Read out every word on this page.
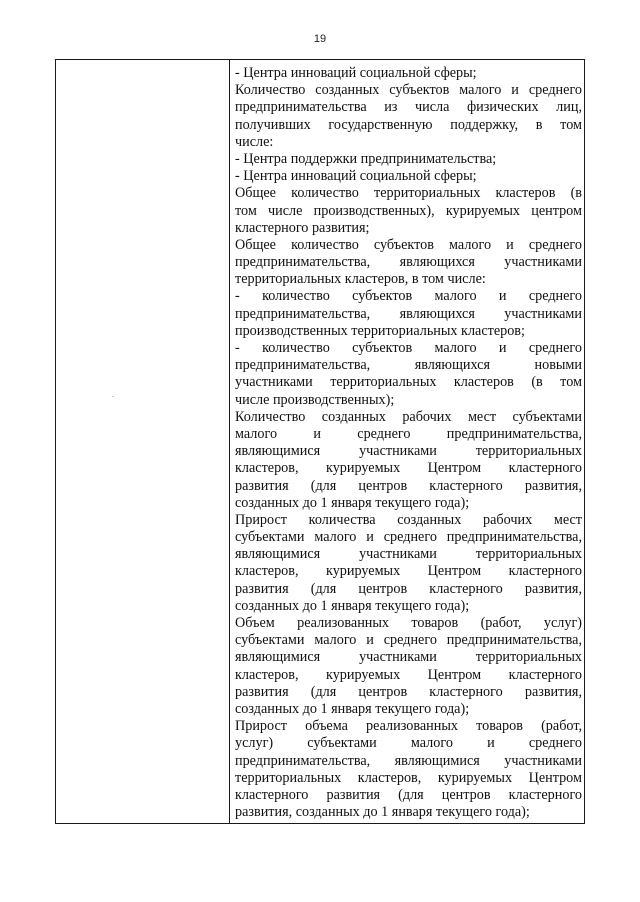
19
- Центра инноваций социальной сферы;
Количество созданных субъектов малого и среднего
предпринимательства из числа физических лиц,
получивших государственную поддержку, в том
числе:
- Центра поддержки предпринимательства;
- Центра инноваций социальной сферы;
Общее количество территориальных кластеров (в
том числе производственных), курируемых центром
кластерного развития;
Общее количество субъектов малого и среднего
предпринимательства, являющихся участниками
территориальных кластеров, в том числе:
- количество субъектов малого и среднего
предпринимательства, являющихся участниками
производственных территориальных кластеров;
- количество субъектов малого и среднего
предпринимательства, являющихся новыми
участниками территориальных кластеров (в том
числе производственных);
Количество созданных рабочих мест субъектами
малого и среднего предпринимательства,
являющимися участниками территориальных
кластеров, курируемых Центром кластерного
развития (для центров кластерного развития,
созданных до 1 января текущего года);
Прирост количества созданных рабочих мест
субъектами малого и среднего предпринимательства,
являющимися участниками территориальных
кластеров, курируемых Центром кластерного
развития (для центров кластерного развития,
созданных до 1 января текущего года);
Объем реализованных товаров (работ, услуг)
субъектами малого и среднего предпринимательства,
являющимися участниками территориальных
кластеров, курируемых Центром кластерного
развития (для центров кластерного развития,
созданных до 1 января текущего года);
Прирост объема реализованных товаров (работ,
услуг) субъектами малого и среднего
предпринимательства, являющимися участниками
территориальных кластеров, курируемых Центром
кластерного развития (для центров кластерного
развития, созданных до 1 января текущего года);
.
